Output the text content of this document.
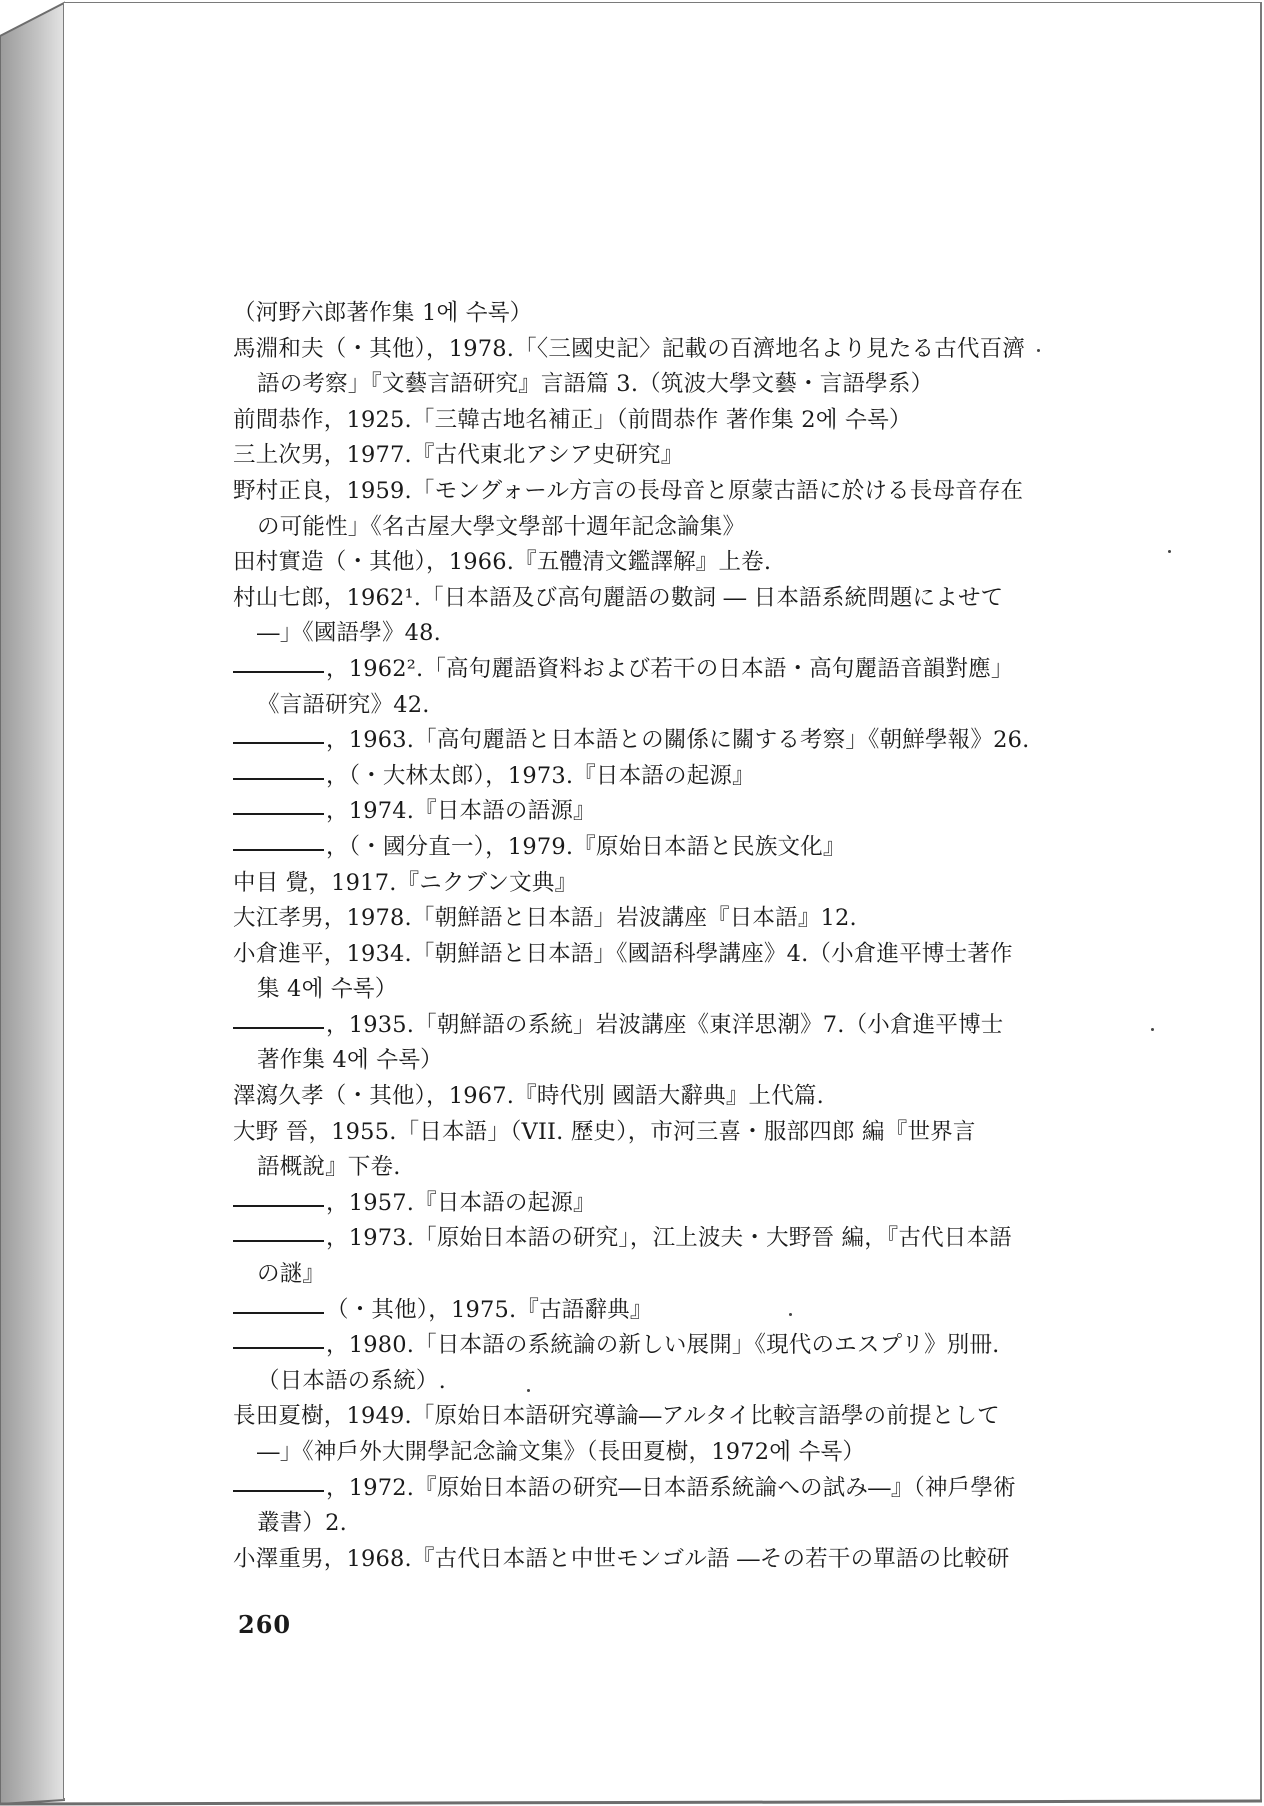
（河野六郎著作集 1에 수록）
馬淵和夫（・其他），1978.「〈三國史記〉記載の百濟地名より見たる古代百濟
語の考察」『文藝言語研究』言語篇 3.（筑波大學文藝・言語學系）
前間恭作，1925.「三韓古地名補正」（前間恭作 著作集 2에 수록）
三上次男，1977.『古代東北アシア史研究』
野村正良，1959.「モングォール方言の長母音と原蒙古語に於ける長母音存在
の可能性」《名古屋大學文學部十週年記念論集》
田村實造（・其他），1966.『五體清文鑑譯解』上卷.
村山七郎，1962¹.「日本語及び高句麗語の數詞 ― 日本語系統問題によせて
―」《國語學》48.
，1962².「高句麗語資料および若干の日本語・高句麗語音韻對應」
《言語研究》42.
，1963.「高句麗語と日本語との關係に關する考察」《朝鮮學報》26.
，（・大林太郎），1973.『日本語の起源』
，1974.『日本語の語源』
，（・國分直一），1979.『原始日本語と民族文化』
中目 覺，1917.『ニクブン文典』
大江孝男，1978.「朝鮮語と日本語」岩波講座『日本語』12.
小倉進平，1934.「朝鮮語と日本語」《國語科學講座》4.（小倉進平博士著作
集 4에 수록）
，1935.「朝鮮語の系統」岩波講座《東洋思潮》7.（小倉進平博士
著作集 4에 수록）
澤瀉久孝（・其他），1967.『時代別 國語大辭典』上代篇.
大野 晉，1955.「日本語」（VII. 歷史），市河三喜・服部四郎 編『世界言
語概說』下卷.
，1957.『日本語の起源』
，1973.「原始日本語の研究」，江上波夫・大野晉 編，『古代日本語
の謎』
（・其他），1975.『古語辭典』
，1980.「日本語の系統論の新しい展開」《現代のエスプリ》別冊.
（日本語の系統）.
長田夏樹，1949.「原始日本語研究導論―アルタイ比較言語學の前提として
―」《神戶外大開學記念論文集》（長田夏樹，1972에 수록）
，1972.『原始日本語の研究―日本語系統論への試み―』（神戶學術
叢書）2.
小澤重男，1968.『古代日本語と中世モンゴル語 ―その若干の單語の比較研
260
